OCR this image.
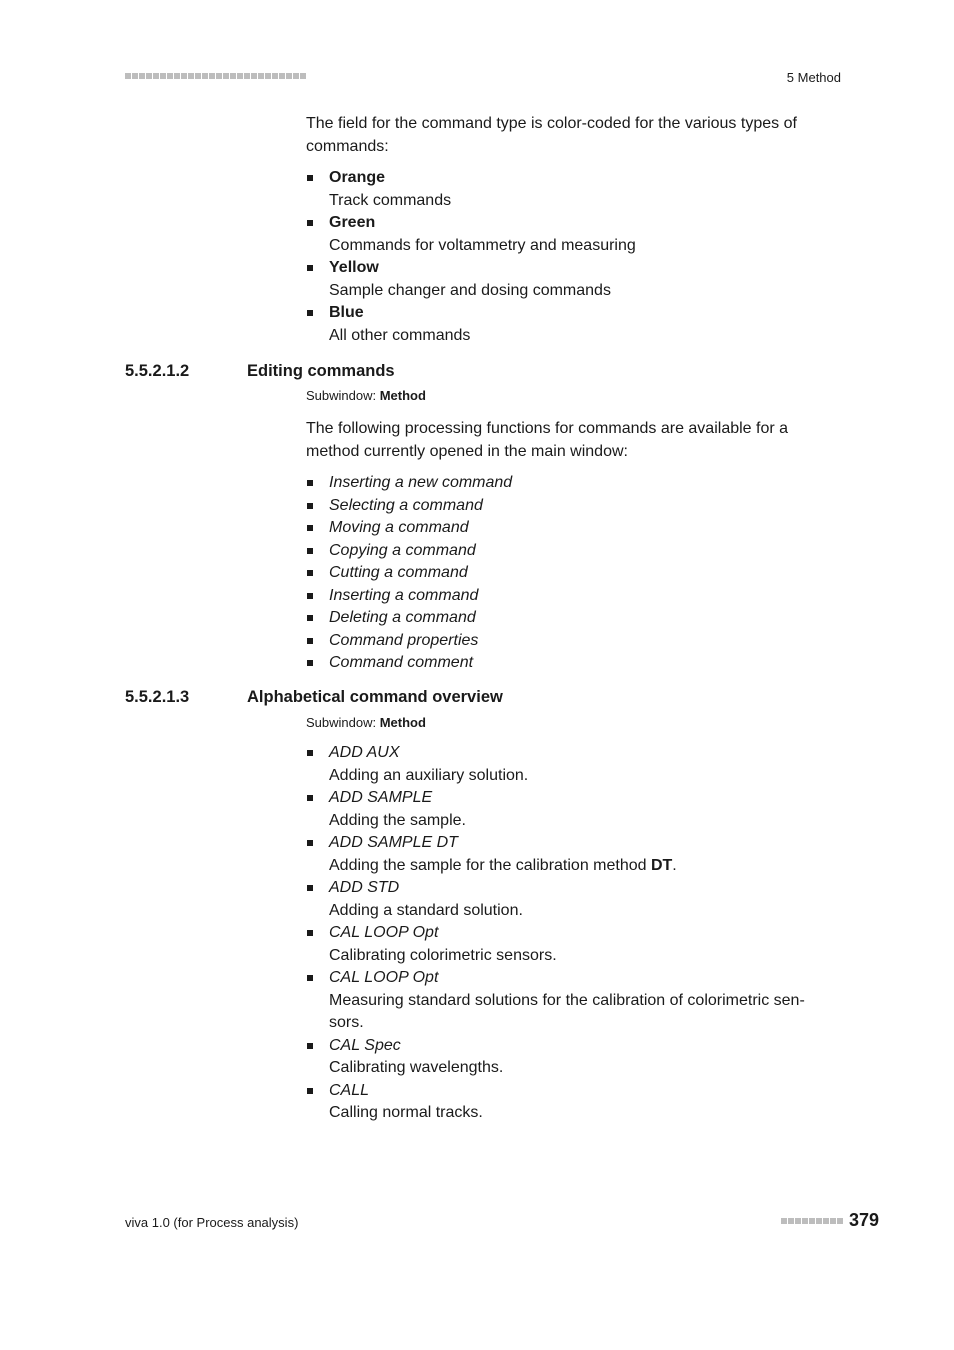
5 Method

The field for the command type is color-coded for the various types of commands:

Orange
Track commands
Green
Commands for voltammetry and measuring
Yellow
Sample changer and dosing commands
Blue
All other commands
5.5.2.1.2	Editing commands

Subwindow: Method

The following processing functions for commands are available for a method currently opened in the main window:

Inserting a new command
Selecting a command
Moving a command
Copying a command
Cutting a command
Inserting a command
Deleting a command
Command properties
Command comment
5.5.2.1.3	Alphabetical command overview

Subwindow: Method

ADD AUX
Adding an auxiliary solution.
ADD SAMPLE
Adding the sample.
ADD SAMPLE DT
Adding the sample for the calibration method DT.
ADD STD
Adding a standard solution.
CAL LOOP Opt
Calibrating colorimetric sensors.
CAL LOOP Opt
Measuring standard solutions for the calibration of colorimetric sen-
sors.
CAL Spec
Calibrating wavelengths.
CALL
Calling normal tracks.
viva 1.0 (for Process analysis)	379
